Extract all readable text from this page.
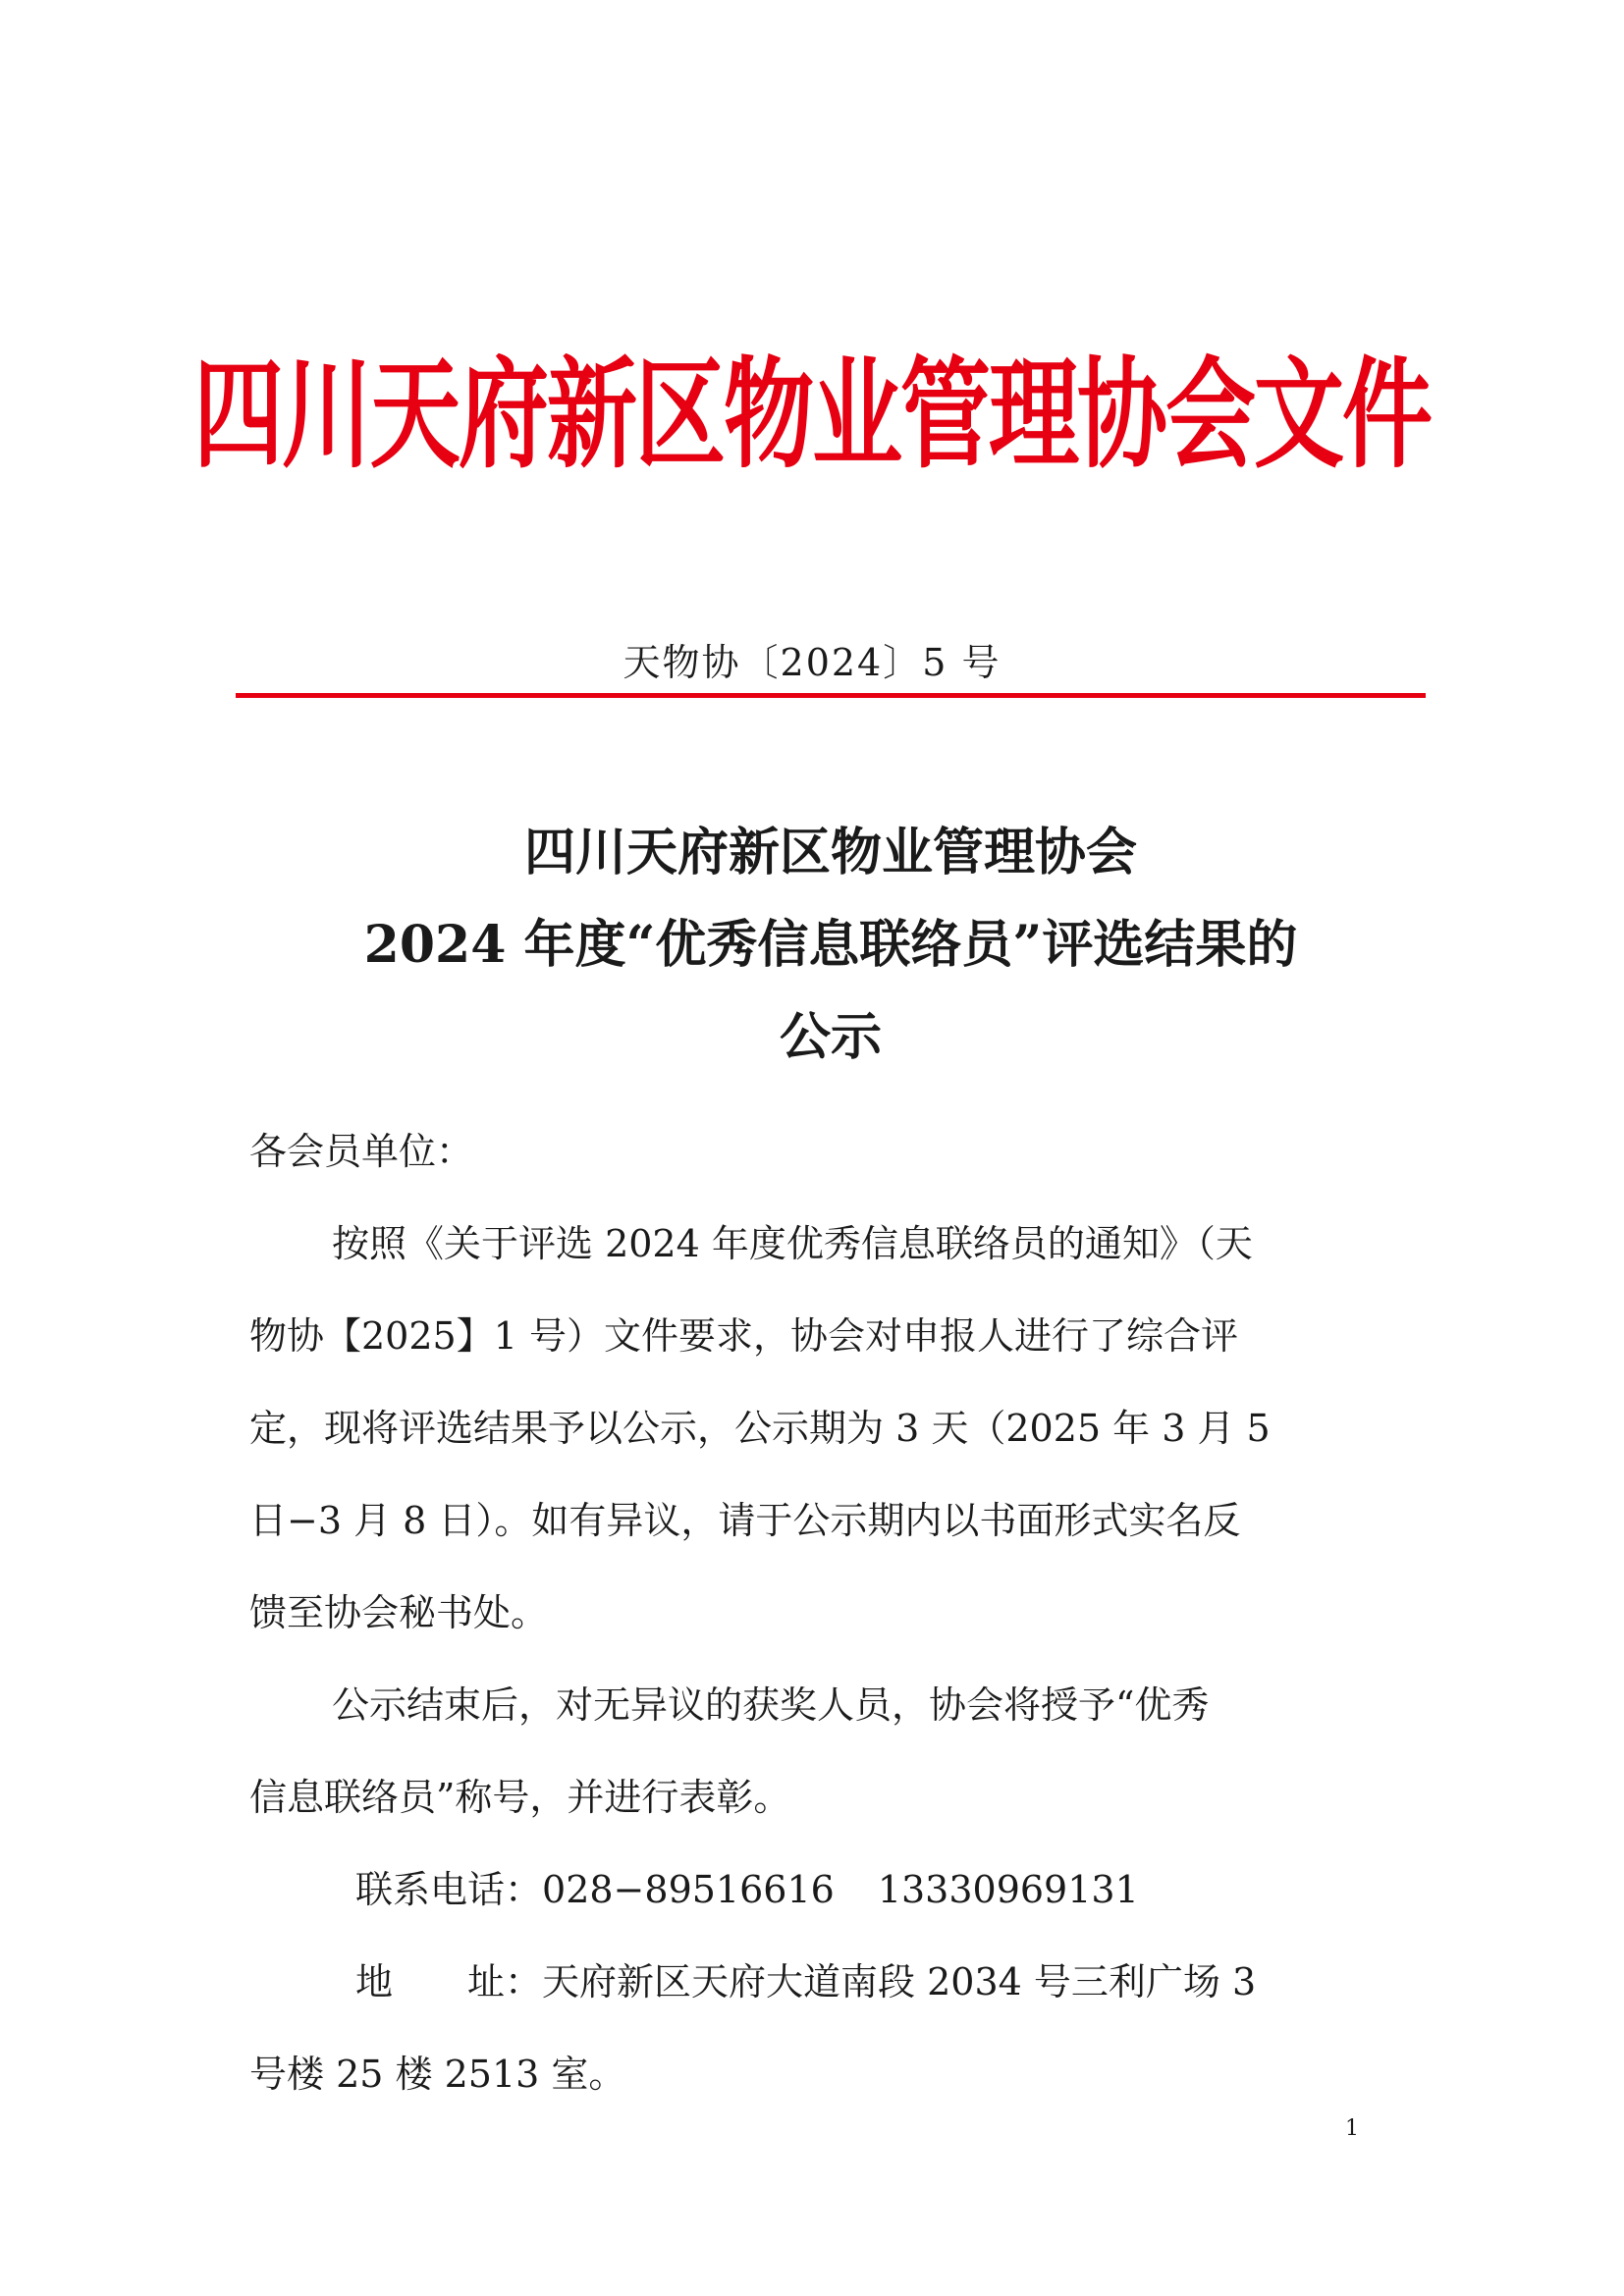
四川天府新区物业管理协会文件
天物协〔2024〕5 号
四川天府新区物业管理协会
2024 年度“优秀信息联络员”评选结果的
公示
各会员单位：
按照《关于评选 2024 年度优秀信息联络员的通知》（天
物协【2025】1 号）文件要求，协会对申报人进行了综合评
定，现将评选结果予以公示，公示期为 3 天（2025 年 3 月 5
日−3 月 8 日）。如有异议，请于公示期内以书面形式实名反
馈至协会秘书处。
公示结束后，对无异议的获奖人员，协会将授予“优秀
信息联络员”称号，并进行表彰。
联系电话：028−89516616 13330969131
地　　址：天府新区天府大道南段 2034 号三利广场 3
号楼 25 楼 2513 室。
1
